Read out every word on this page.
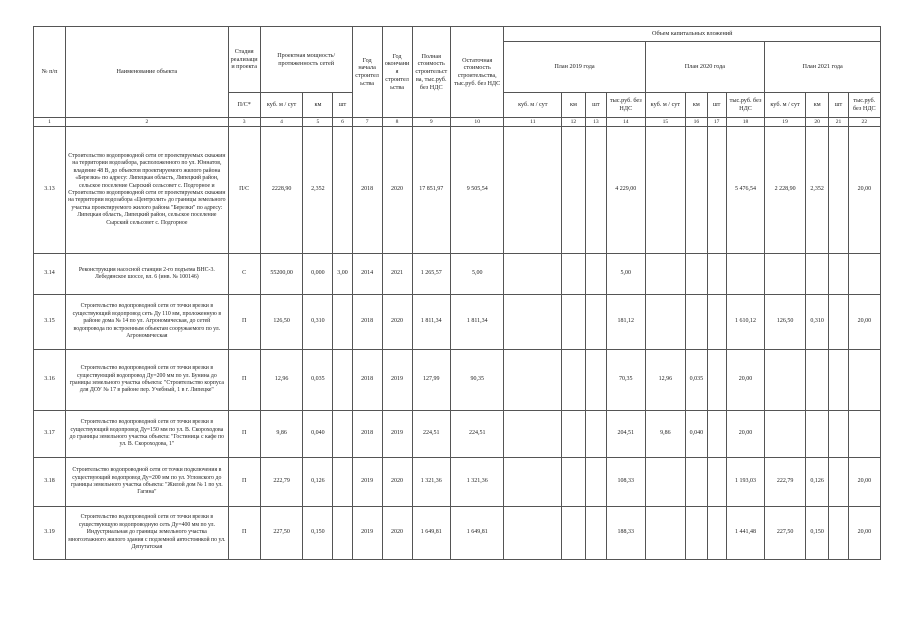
№ п/п	Наименование объекта	Стадия реализации проекта	Проектная мощность/ протяженность сетей			Год начала строительства	Год окончания строительства	Полная стоимость строительства, тыс.руб. без НДС	Остаточная стоимость строительства, тыс.руб. без НДС	Объем капитальных вложений											
										План 2019 года				План 2020 года				План 2021 года			
		П/С*	куб. м / сут	км	шт					куб. м / сут	км	шт	тыс.руб. без НДС	куб. м / сут	км	шт	тыс.руб. без НДС	куб. м / сут	км	шт	тыс.руб. без НДС
1	2	3	4	5	6	7	8	9	10	11	12	13	14	15	16	17	18	19	20	21	22
3.13	Строительство водопроводной сети от проектируемых скважин на территории водозабора, расположенного по ул. Юннатов, владение 48 В, до объектов проектируемого жилого района «Березки» по адресу: Липецкая область, Липецкий район, сельское поселение Сырский сельсовет с. Подгорное и Строительство водопроводной сети от проектируемых скважин на территории водозабора «Центролит» до границы земельного участка проектируемого жилого района "Березки" по адресу: Липецкая область, Липецкий район, сельское поселение Сырский сельсовет с. Подгорное	П/С	2228,90	2,352		2018	2020	17 851,97	9 505,54				4 229,00				5 476,54	2 228,90	2,352		20,00
3.14	Реконструкция насосной станции 2-го подъема ВНС-3. Лебедянское шоссе, вл. 6 (инв. № 100146)	С	55200,00	0,000	3,00	2014	2021	1 265,57	5,00				5,00								
3.15	Строительство водопроводной сети от точки врезки в существующий водопровод сеть Ду 110 мм, проложенную в районе дома № 14 по ул. Агрономическая, до сетей водопровода по встроенным объектам сооружаемого по ул. Агрономическая	П	126,50	0,310		2018	2020	1 811,34	1 811,34				181,12				1 610,12	126,50	0,310		20,00
3.16	Строительство водопроводной сети от точки врезки в существующий водопровод Ду=200 мм по ул. Бунина до границы земельного участка объекта: "Строительство корпуса для ДОУ № 17 в районе пер. Учебный, 1 в г. Липецке"	П	12,96	0,035		2018	2019	127,99	90,35				70,35	12,96	0,035		20,00				
3.17	Строительство водопроводной сети от точки врезки в существующий водопровод Ду=150 мм по ул. В. Скороходова до границы земельного участка объекта: "Гостиница с кафе по ул. В. Скороходова, 1"	П	9,86	0,040		2018	2019	224,51	224,51				204,51	9,86	0,040		20,00				
3.18	Строительство водопроводной сети от точки подключения в существующий водопровод Ду=200 мм по ул. Угловского до границы земельного участка объекта: "Жилой дом № 1 по ул. Гагина"	П	222,79	0,126		2019	2020	1 321,36	1 321,36				108,33				1 193,03	222,79	0,126		20,00
3.19	Строительство водопроводной сети от точки врезки в существующую водопроводную сеть Ду=400 мм по ул. Индустриальная до границы земельного участка многоэтажного жилого здания с подземной автостоянкой по ул. Депутатская	П	227,50	0,150		2019	2020	1 649,81	1 649,81				188,33				1 441,48	227,50	0,150		20,00
